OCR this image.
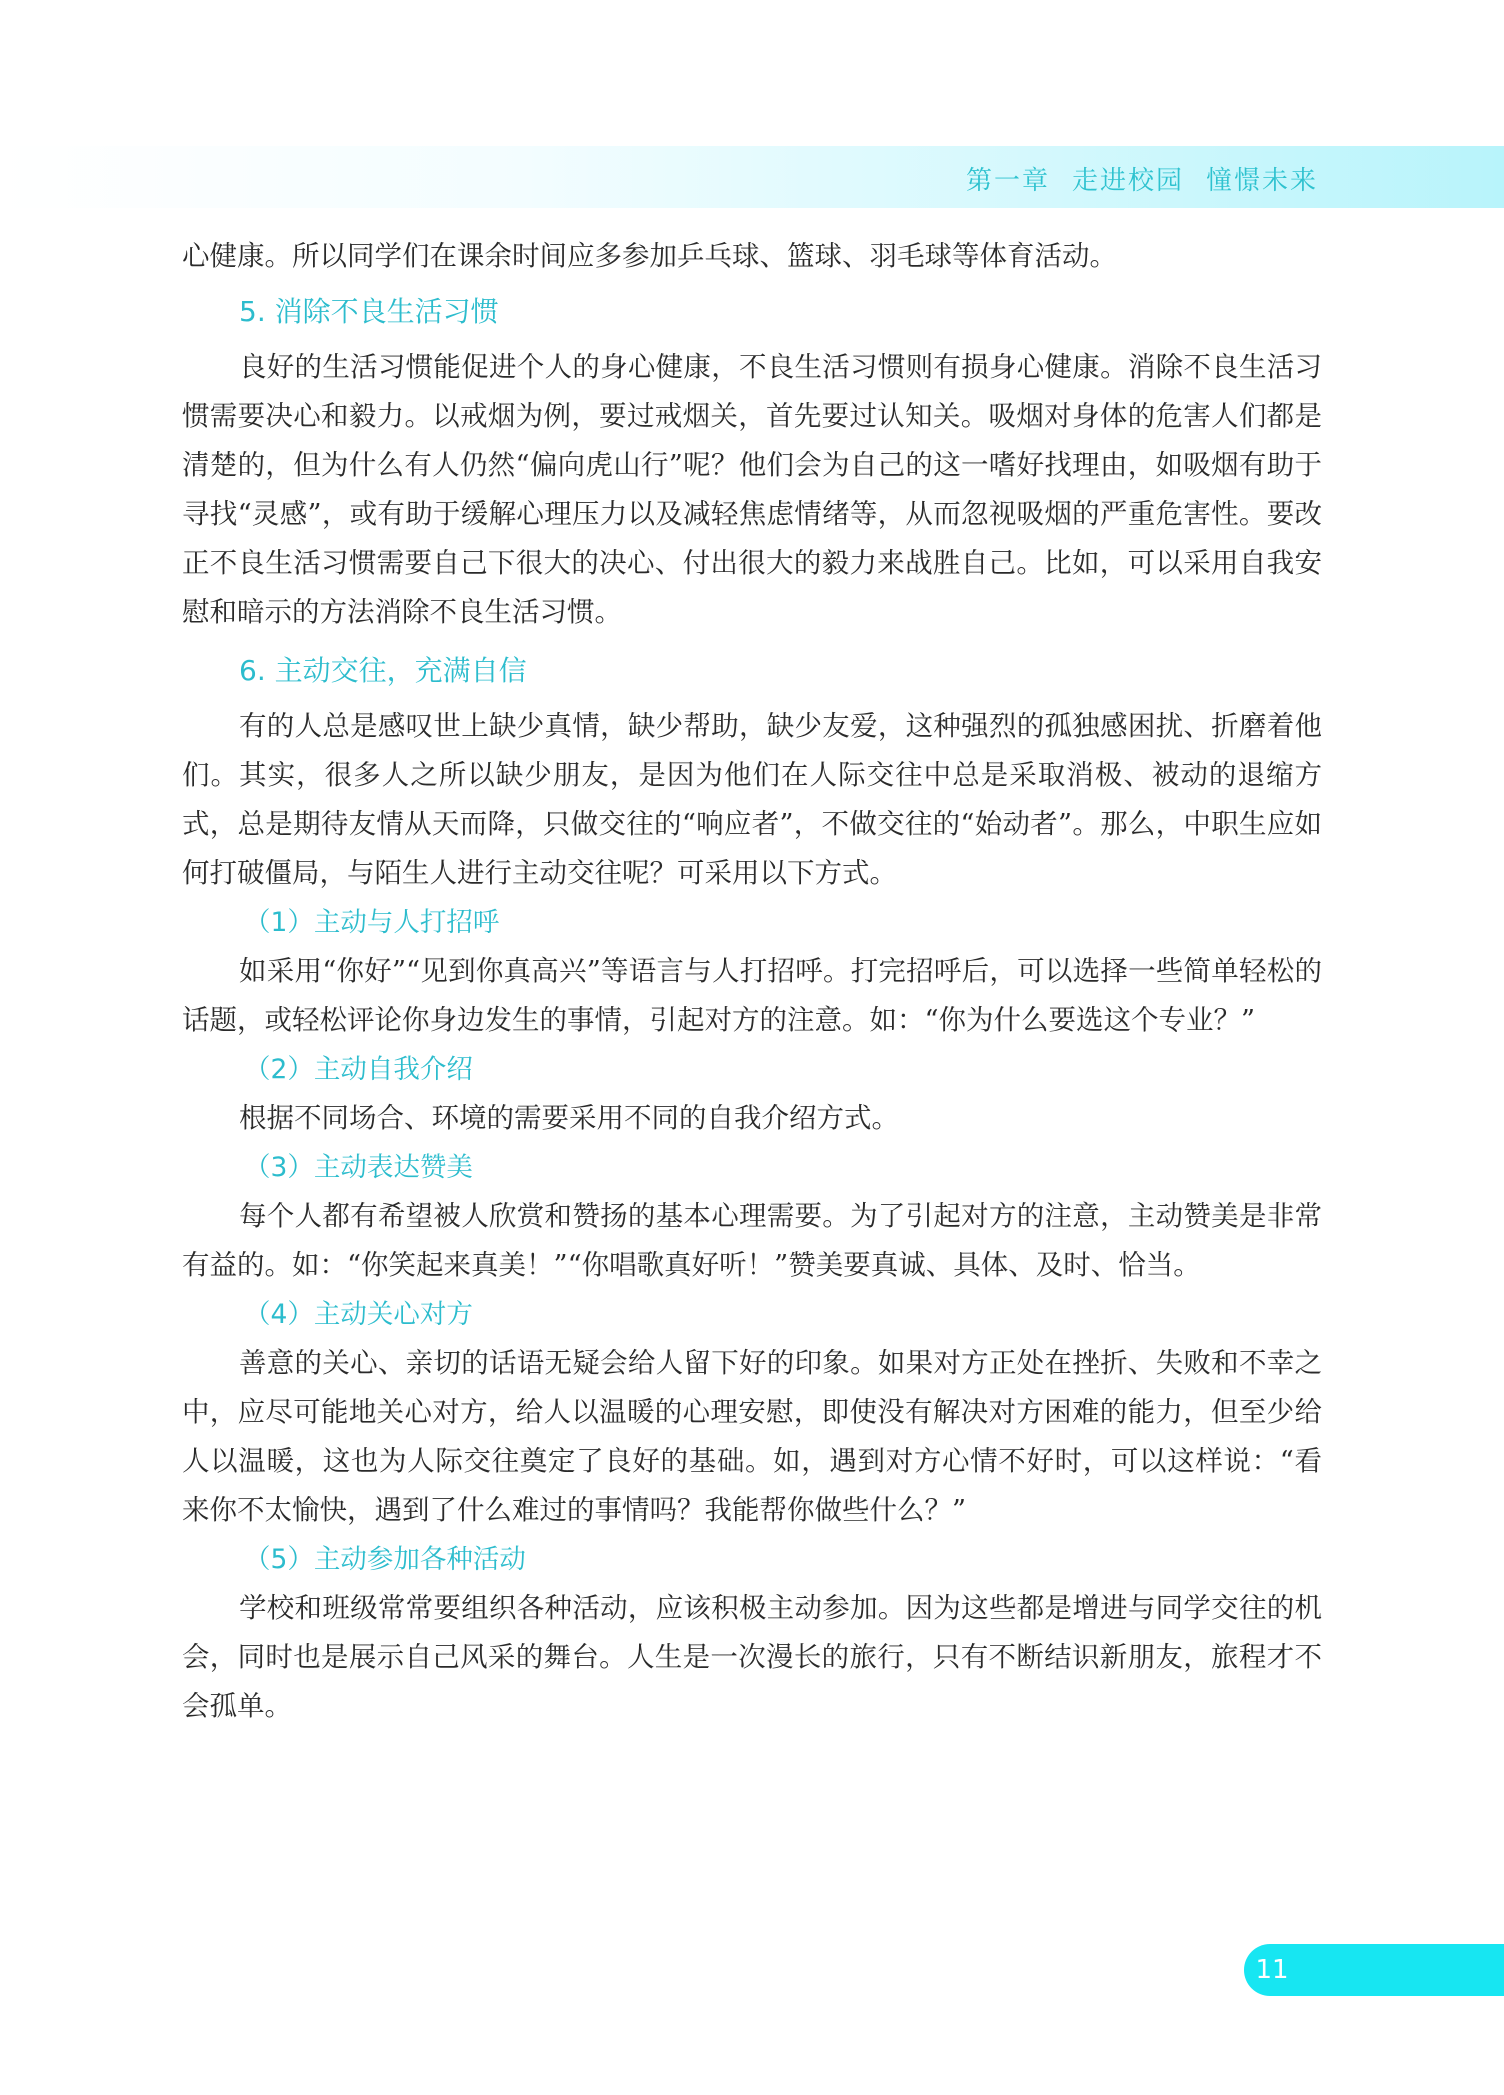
第一章 走进校园 憧憬未来

心健康。所以同学们在课余时间应多参加乒乓球、篮球、羽毛球等体育活动。

5. 消除不良生活习惯

良好的生活习惯能促进个人的身心健康，不良生活习惯则有损身心健康。消除不良生活习惯需要决心和毅力。以戒烟为例，要过戒烟关，首先要过认知关。吸烟对身体的危害人们都是清楚的，但为什么有人仍然“偏向虎山行”呢？他们会为自己的这一嗜好找理由，如吸烟有助于寻找“灵感”，或有助于缓解心理压力以及减轻焦虑情绪等，从而忽视吸烟的严重危害性。要改正不良生活习惯需要自己下很大的决心、付出很大的毅力来战胜自己。比如，可以采用自我安慰和暗示的方法消除不良生活习惯。

6. 主动交往，充满自信

有的人总是感叹世上缺少真情，缺少帮助，缺少友爱，这种强烈的孤独感困扰、折磨着他们。其实，很多人之所以缺少朋友，是因为他们在人际交往中总是采取消极、被动的退缩方式，总是期待友情从天而降，只做交往的“响应者”，不做交往的“始动者”。那么，中职生应如何打破僵局，与陌生人进行主动交往呢？可采用以下方式。

（1）主动与人打招呼

如采用“你好”“见到你真高兴”等语言与人打招呼。打完招呼后，可以选择一些简单轻松的话题，或轻松评论你身边发生的事情，引起对方的注意。如：“你为什么要选这个专业？”

（2）主动自我介绍

根据不同场合、环境的需要采用不同的自我介绍方式。

（3）主动表达赞美

每个人都有希望被人欣赏和赞扬的基本心理需要。为了引起对方的注意，主动赞美是非常有益的。如：“你笑起来真美！”“你唱歌真好听！”赞美要真诚、具体、及时、恰当。

（4）主动关心对方

善意的关心、亲切的话语无疑会给人留下好的印象。如果对方正处在挫折、失败和不幸之中，应尽可能地关心对方，给人以温暖的心理安慰，即使没有解决对方困难的能力，但至少给人以温暖，这也为人际交往奠定了良好的基础。如，遇到对方心情不好时，可以这样说：“看来你不太愉快，遇到了什么难过的事情吗？我能帮你做些什么？”

（5）主动参加各种活动

学校和班级常常要组织各种活动，应该积极主动参加。因为这些都是增进与同学交往的机会，同时也是展示自己风采的舞台。人生是一次漫长的旅行，只有不断结识新朋友，旅程才不会孤单。

11
